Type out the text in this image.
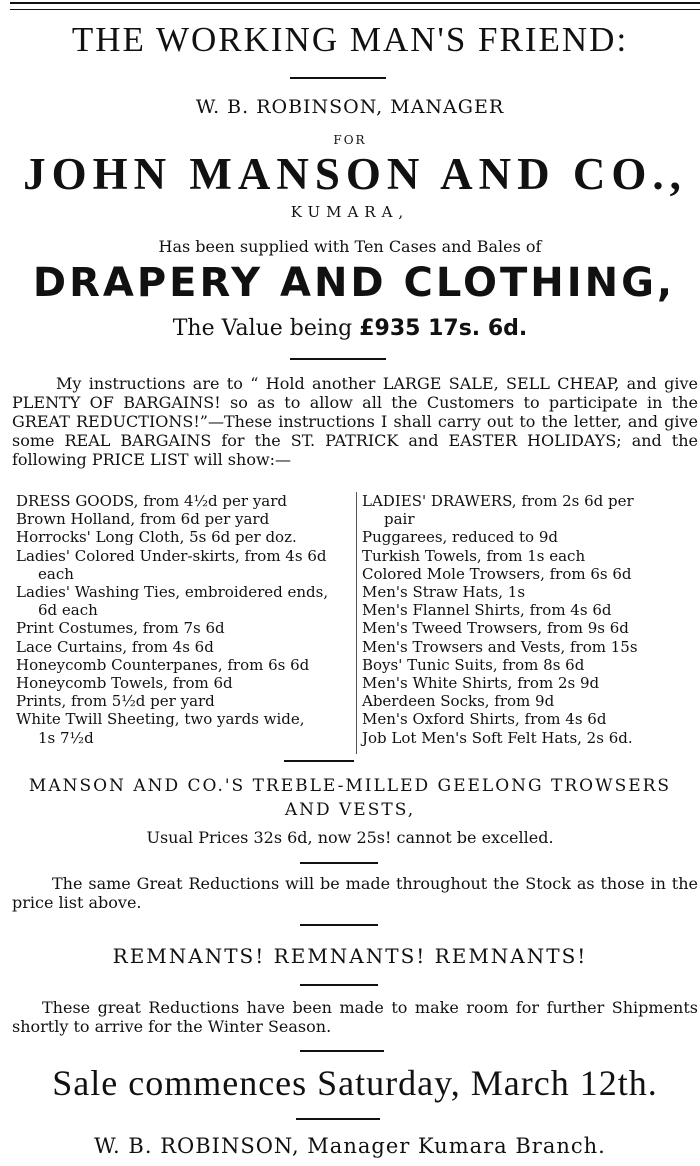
THE WORKING MAN'S FRIEND:
W. B. ROBINSON, MANAGER
FOR
JOHN MANSON AND CO.,
KUMARA,
Has been supplied with Ten Cases and Bales of
DRAPERY AND CLOTHING,
The Value being £935 17s. 6d.
My instructions are to “ Hold another LARGE SALE, SELL CHEAP, and give PLENTY OF BARGAINS! so as to allow all the Customers to participate in the GREAT REDUCTIONS!”—These instructions I shall carry out to the letter, and give some REAL BARGAINS for the ST. PATRICK and EASTER HOLIDAYS; and the following PRICE LIST will show:—
DRESS GOODS, from 4½d per yard
Brown Holland, from 6d per yard
Horrocks' Long Cloth, 5s 6d per doz.
Ladies' Colored Under-skirts, from 4s 6d
each
Ladies' Washing Ties, embroidered ends,
6d each
Print Costumes, from 7s 6d
Lace Curtains, from 4s 6d
Honeycomb Counterpanes, from 6s 6d
Honeycomb Towels, from 6d
Prints, from 5½d per yard
White Twill Sheeting, two yards wide,
1s 7½d
LADIES' DRAWERS, from 2s 6d per
pair
Puggarees, reduced to 9d
Turkish Towels, from 1s each
Colored Mole Trowsers, from 6s 6d
Men's Straw Hats, 1s
Men's Flannel Shirts, from 4s 6d
Men's Tweed Trowsers, from 9s 6d
Men's Trowsers and Vests, from 15s
Boys' Tunic Suits, from 8s 6d
Men's White Shirts, from 2s 9d
Aberdeen Socks, from 9d
Men's Oxford Shirts, from 4s 6d
Job Lot Men's Soft Felt Hats, 2s 6d.
MANSON AND CO.'S TREBLE-MILLED GEELONG TROWSERS
AND VESTS,
Usual Prices 32s 6d, now 25s! cannot be excelled.
The same Great Reductions will be made throughout the Stock as those in the price list above.
REMNANTS! REMNANTS! REMNANTS!
These great Reductions have been made to make room for further Shipments shortly to arrive for the Winter Season.
Sale commences Saturday, March 12th.
W. B. ROBINSON, Manager Kumara Branch.
